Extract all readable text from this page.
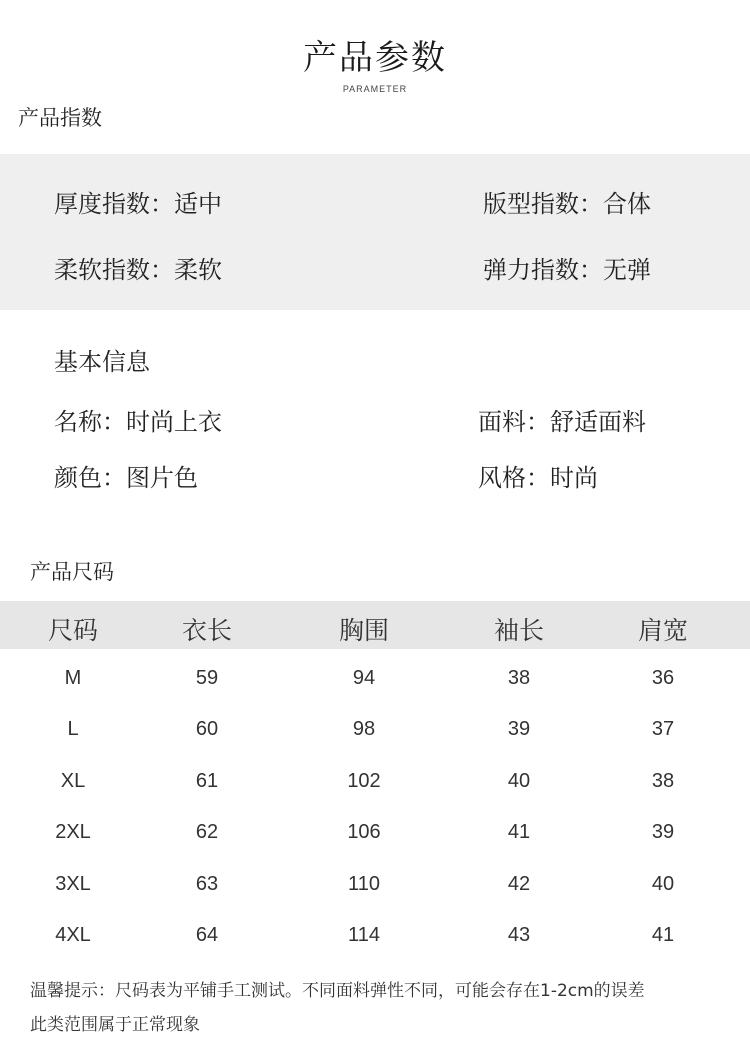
产品参数
PARAMETER
产品指数
厚度指数：适中	版型指数：合体
柔软指数：柔软	弹力指数：无弹
基本信息
名称：时尚上衣	面料：舒适面料
颜色：图片色	风格：时尚
产品尺码
尺码	衣长	胸围	袖长	肩宽
M	59	94	38	36
L	60	98	39	37
XL	61	102	40	38
2XL	62	106	41	39
3XL	63	110	42	40
4XL	64	114	43	41
温馨提示：尺码表为平铺手工测试。不同面料弹性不同，可能会存在1-2cm的误差
此类范围属于正常现象
